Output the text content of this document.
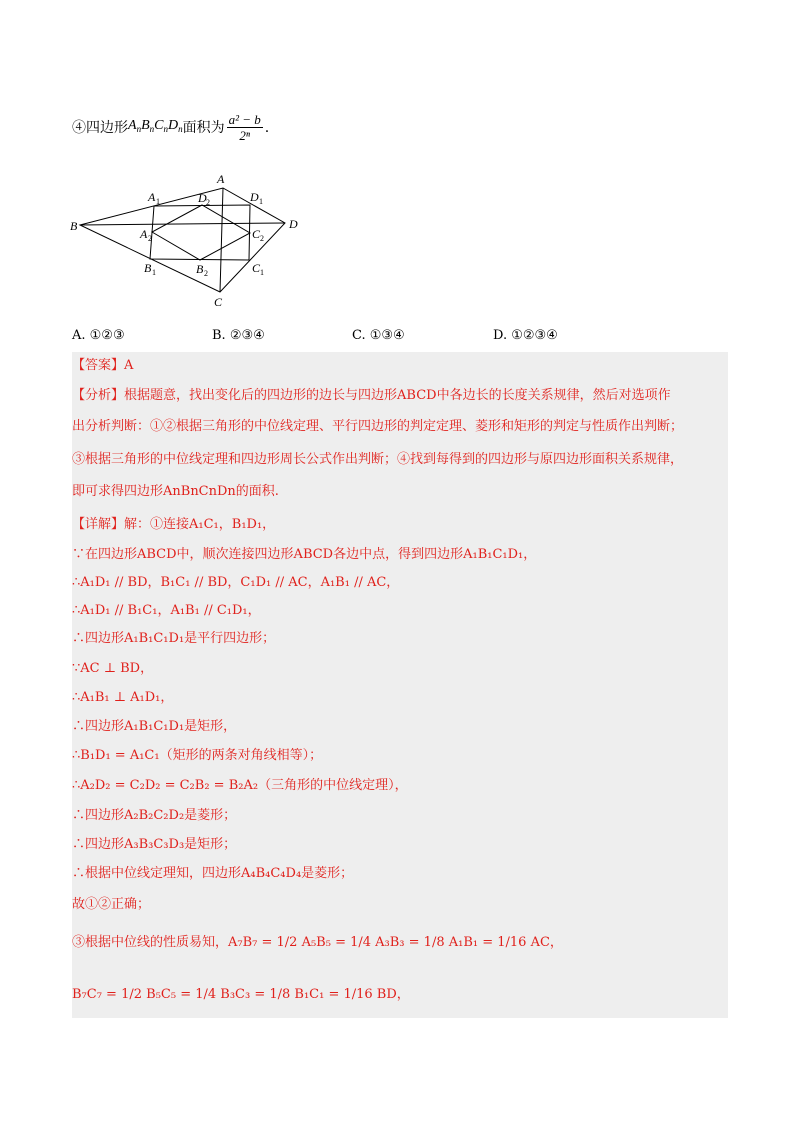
④四边形 $A_nB_nC_nD_n$ 面积为 $\frac{\text{a² − b}}{\text{2ⁿ}}$ .
B
A
D
C
A 1	D 2	D 1
A 2	C 2
B 1	B 2	C 1
A. ①②③	B. ②③④	C. ①③④	D. ①②③④
【答案】A
【分析】根据题意，找出变化后的四边形的边长与四边形ABCD中各边长的长度关系规律，然后对选项作
出分析判断：①②根据三角形的中位线定理、平行四边形的判定定理、菱形和矩形的判定与性质作出判断；
③根据三角形的中位线定理和四边形周长公式作出判断；④找到每得到的四边形与原四边形面积关系规律，
即可求得四边形AnBnCnDn的面积.
【详解】解：①连接A₁C₁，B₁D₁，
∵在四边形ABCD中，顺次连接四边形ABCD各边中点，得到四边形A₁B₁C₁D₁，
∴A₁D₁ // BD，B₁C₁ // BD，C₁D₁ // AC，A₁B₁ // AC，
∴A₁D₁ // B₁C₁，A₁B₁ // C₁D₁，
∴四边形A₁B₁C₁D₁是平行四边形；
∵AC ⊥ BD，
∴A₁B₁ ⊥ A₁D₁，
∴四边形A₁B₁C₁D₁是矩形，
∴B₁D₁ = A₁C₁（矩形的两条对角线相等）；
∴A₂D₂ = C₂D₂ = C₂B₂ = B₂A₂（三角形的中位线定理），
∴四边形A₂B₂C₂D₂是菱形；
∴四边形A₃B₃C₃D₃是矩形；
∴根据中位线定理知，四边形A₄B₄C₄D₄是菱形；
故①②正确；
③根据中位线的性质易知，A₇B₇ = 1/2 A₅B₅ = 1/4 A₃B₃ = 1/8 A₁B₁ = 1/16 AC，
B₇C₇ = 1/2 B₅C₅ = 1/4 B₃C₃ = 1/8 B₁C₁ = 1/16 BD，
